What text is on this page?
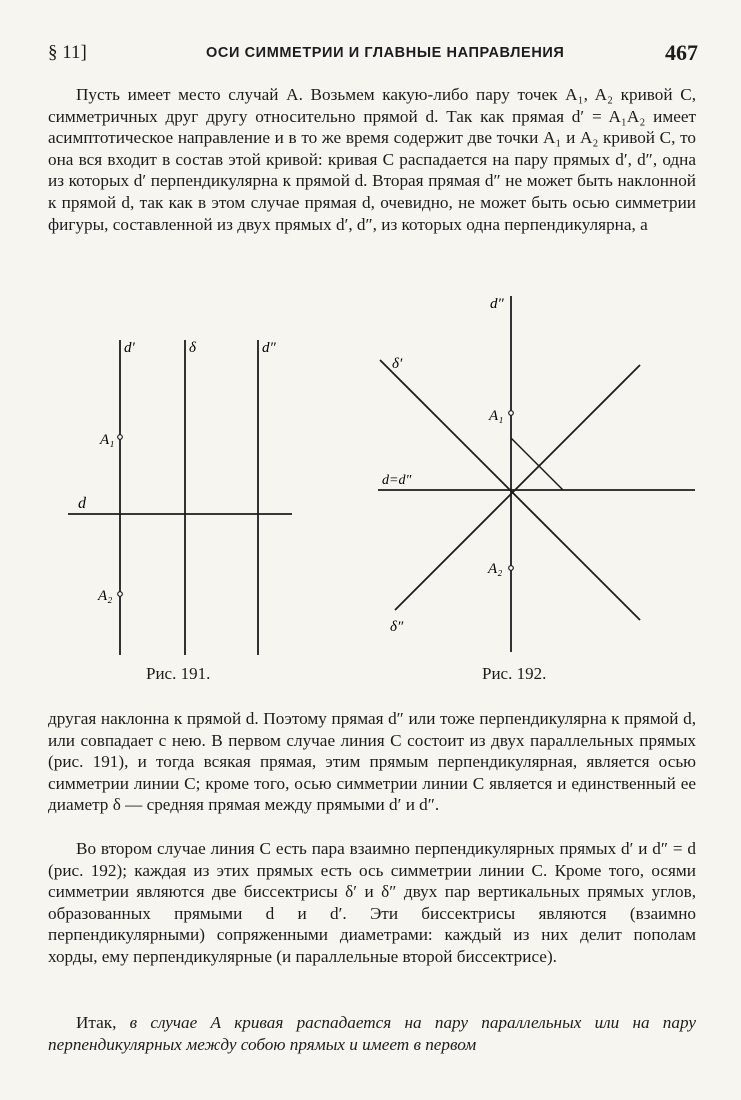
§ 11]	ОСИ СИММЕТРИИ И ГЛАВНЫЕ НАПРАВЛЕНИЯ	467

Пусть имеет место случай А. Возьмем какую-либо пару точек A₁, A₂ кривой C, симметричных друг другу относительно прямой d. Так как прямая d′ = A₁A₂ имеет асимптотическое направление и в то же время содержит две точки A₁ и A₂ кривой C, то она вся входит в состав этой кривой: кривая C распадается на пару прямых d′, d″, одна из которых d′ перпендикулярна к прямой d. Вторая прямая d″ не может быть наклонной к прямой d, так как в этом случае прямая d, очевидно, не может быть осью симметрии фигуры, составленной из двух прямых d′, d″, из которых одна перпендикулярна, а

d′	δ	d″
A₁
A₂
d
Рис. 191.
d″
δ′
A₁
d=d″
A₂
δ″
Рис. 192.

другая наклонна к прямой d. Поэтому прямая d″ или тоже перпендикулярна к прямой d, или совпадает с нею. В первом случае линия C состоит из двух параллельных прямых (рис. 191), и тогда всякая прямая, этим прямым перпендикулярная, является осью симметрии линии C; кроме того, осью симметрии линии C является и единственный ее диаметр δ — средняя прямая между прямыми d′ и d″.

Во втором случае линия C есть пара взаимно перпендикулярных прямых d′ и d″ = d (рис. 192); каждая из этих прямых есть ось симметрии линии C. Кроме того, осями симметрии являются две биссектрисы δ′ и δ″ двух пар вертикальных прямых углов, образованных прямыми d и d′. Эти биссектрисы являются (взаимно перпендикулярными) сопряженными диаметрами: каждый из них делит пополам хорды, ему перпендикулярные (и параллельные второй биссектрисе).

Итак, в случае А кривая распадается на пару параллельных или на пару перпендикулярных между собою прямых и имеет в первом
